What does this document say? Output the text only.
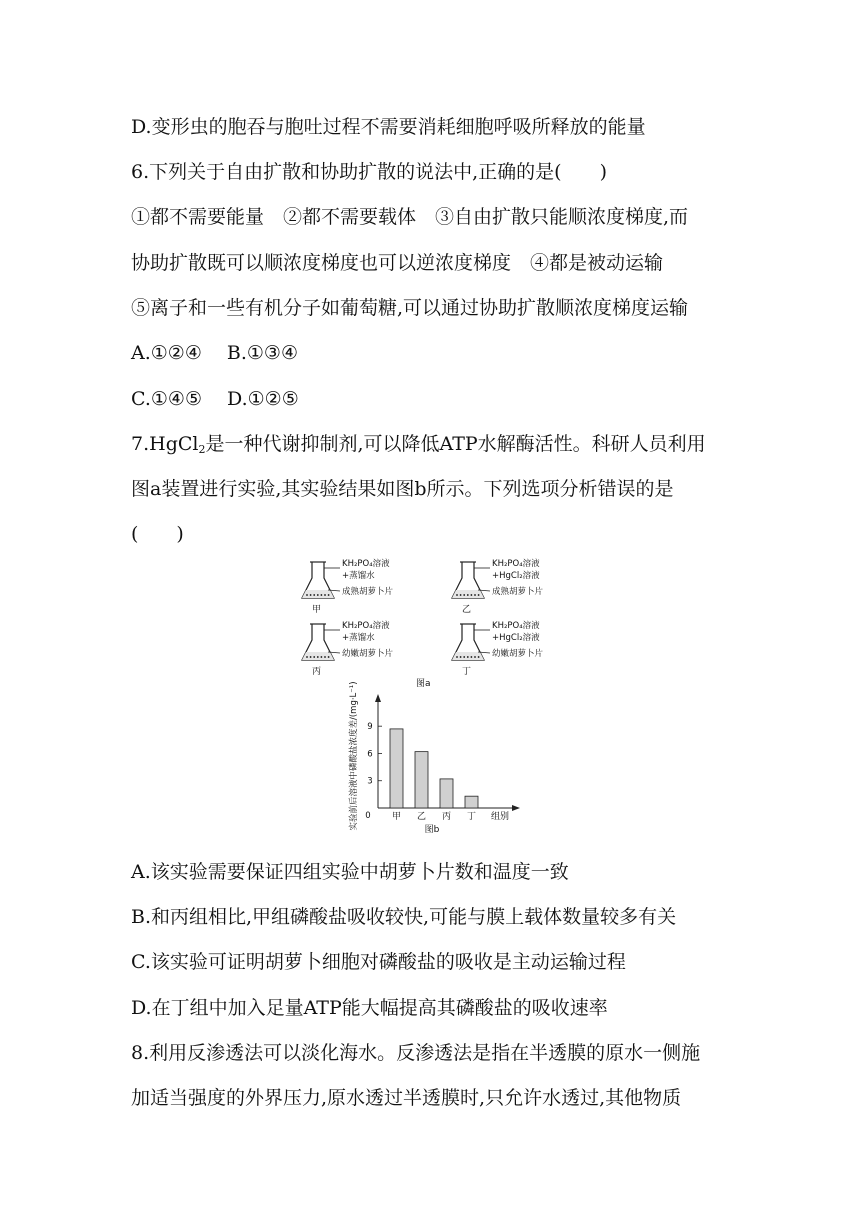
D.变形虫的胞吞与胞吐过程不需要消耗细胞呼吸所释放的能量
6.下列关于自由扩散和协助扩散的说法中,正确的是(　　)
①都不需要能量　②都不需要载体　③自由扩散只能顺浓度梯度,而
协助扩散既可以顺浓度梯度也可以逆浓度梯度　④都是被动运输
⑤离子和一些有机分子如葡萄糖,可以通过协助扩散顺浓度梯度运输
A.①②④　 B.①③④
C.①④⑤　 D.①②⑤
7.HgCl$_2$是一种代谢抑制剂,可以降低ATP水解酶活性。科研人员利用
图a装置进行实验,其实验结果如图b所示。下列选项分析错误的是
(　　)
KH₂PO₄溶液
+蒸馏水
成熟胡萝卜片
甲
KH₂PO₄溶液
+HgCl₂溶液
成熟胡萝卜片
乙
KH₂PO₄溶液
+蒸馏水
幼嫩胡萝卜片
丙
KH₂PO₄溶液
+HgCl₂溶液
幼嫩胡萝卜片
丁
图a
0
3
6
9
实验前后溶液中磷酸盐浓度差/(mg·L⁻¹)	甲 乙 丙 丁 组别
图b
A.该实验需要保证四组实验中胡萝卜片数和温度一致
B.和丙组相比,甲组磷酸盐吸收较快,可能与膜上载体数量较多有关
C.该实验可证明胡萝卜细胞对磷酸盐的吸收是主动运输过程
D.在丁组中加入足量ATP能大幅提高其磷酸盐的吸收速率
8.利用反渗透法可以淡化海水。反渗透法是指在半透膜的原水一侧施
加适当强度的外界压力,原水透过半透膜时,只允许水透过,其他物质
